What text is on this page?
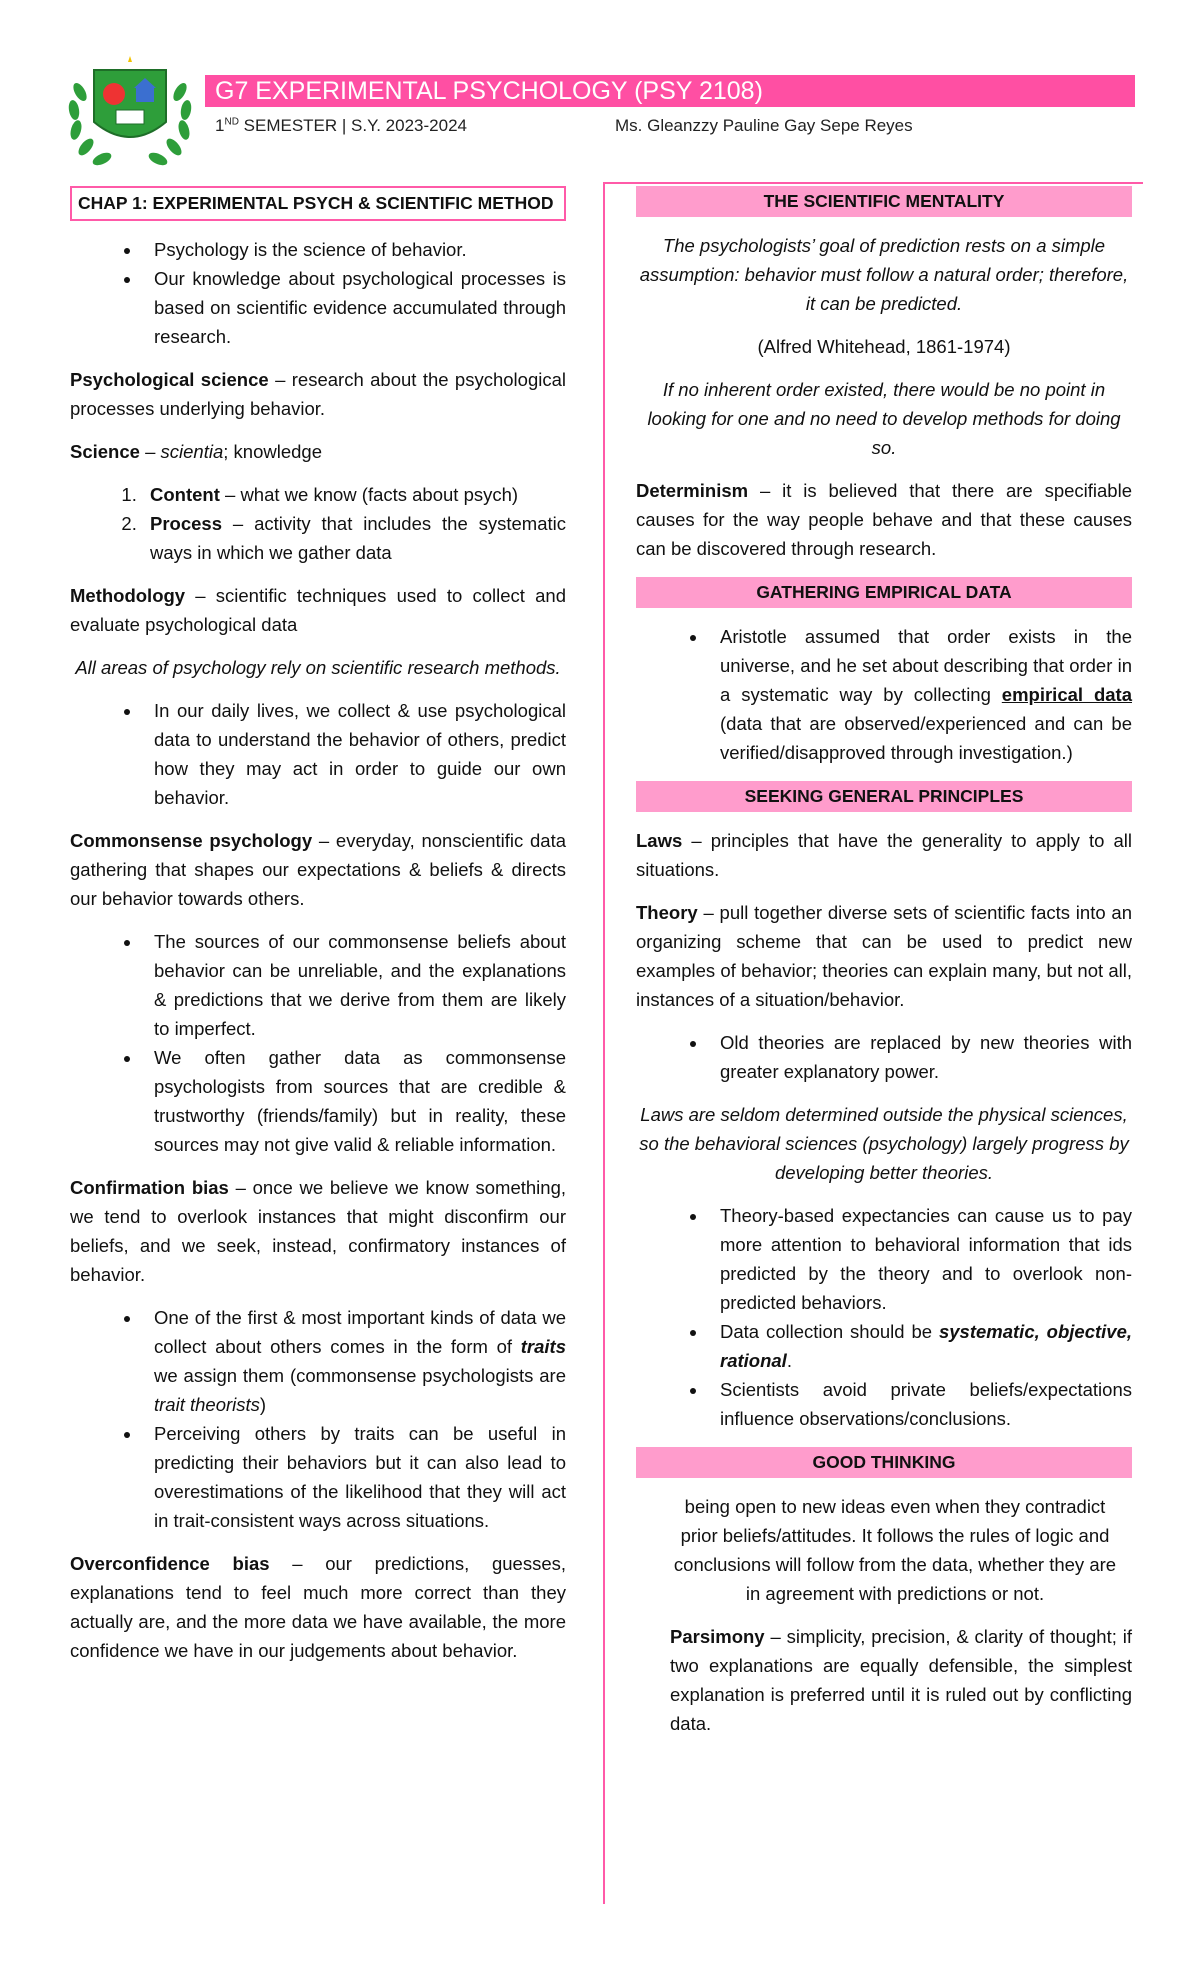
G7 EXPERIMENTAL PSYCHOLOGY (PSY 2108)
1ND SEMESTER | S.Y. 2023-2024	Ms. Gleanzzy Pauline Gay Sepe Reyes
CHAP 1: EXPERIMENTAL PSYCH & SCIENTIFIC METHOD
• Psychology is the science of behavior.
• Our knowledge about psychological processes is based on scientific evidence accumulated through research.

Psychological science – research about the psychological processes underlying behavior.

Science – scientia; knowledge

1. Content – what we know (facts about psych)
2. Process – activity that includes the systematic ways in which we gather data

Methodology – scientific techniques used to collect and evaluate psychological data

All areas of psychology rely on scientific research methods.

• In our daily lives, we collect & use psychological data to understand the behavior of others, predict how they may act in order to guide our own behavior.

Commonsense psychology – everyday, nonscientific data gathering that shapes our expectations & beliefs & directs our behavior towards others.

• The sources of our commonsense beliefs about behavior can be unreliable, and the explanations & predictions that we derive from them are likely to imperfect.
• We often gather data as commonsense psychologists from sources that are credible & trustworthy (friends/family) but in reality, these sources may not give valid & reliable information.

Confirmation bias – once we believe we know something, we tend to overlook instances that might disconfirm our beliefs, and we seek, instead, confirmatory instances of behavior.

• One of the first & most important kinds of data we collect about others comes in the form of traits we assign them (commonsense psychologists are trait theorists)
• Perceiving others by traits can be useful in predicting their behaviors but it can also lead to overestimations of the likelihood that they will act in trait-consistent ways across situations.

Overconfidence bias – our predictions, guesses, explanations tend to feel much more correct than they actually are, and the more data we have available, the more confidence we have in our judgements about behavior.

THE SCIENTIFIC MENTALITY

The psychologists’ goal of prediction rests on a simple assumption: behavior must follow a natural order; therefore, it can be predicted.

(Alfred Whitehead, 1861-1974)

If no inherent order existed, there would be no point in looking for one and no need to develop methods for doing so.

Determinism – it is believed that there are specifiable causes for the way people behave and that these causes can be discovered through research.

GATHERING EMPIRICAL DATA
• Aristotle assumed that order exists in the universe, and he set about describing that order in a systematic way by collecting empirical data (data that are observed/experienced and can be verified/disapproved through investigation.)
SEEKING GENERAL PRINCIPLES

Laws – principles that have the generality to apply to all situations.

Theory – pull together diverse sets of scientific facts into an organizing scheme that can be used to predict new examples of behavior; theories can explain many, but not all, instances of a situation/behavior.

• Old theories are replaced by new theories with greater explanatory power.

Laws are seldom determined outside the physical sciences, so the behavioral sciences (psychology) largely progress by developing better theories.

• Theory-based expectancies can cause us to pay more attention to behavioral information that ids predicted by the theory and to overlook non-predicted behaviors.
• Data collection should be systematic, objective, rational.
• Scientists avoid private beliefs/expectations influence observations/conclusions.
GOOD THINKING

being open to new ideas even when they contradict prior beliefs/attitudes. It follows the rules of logic and conclusions will follow from the data, whether they are in agreement with predictions or not.

Parsimony – simplicity, precision, & clarity of thought; if two explanations are equally defensible, the simplest explanation is preferred until it is ruled out by conflicting data.
